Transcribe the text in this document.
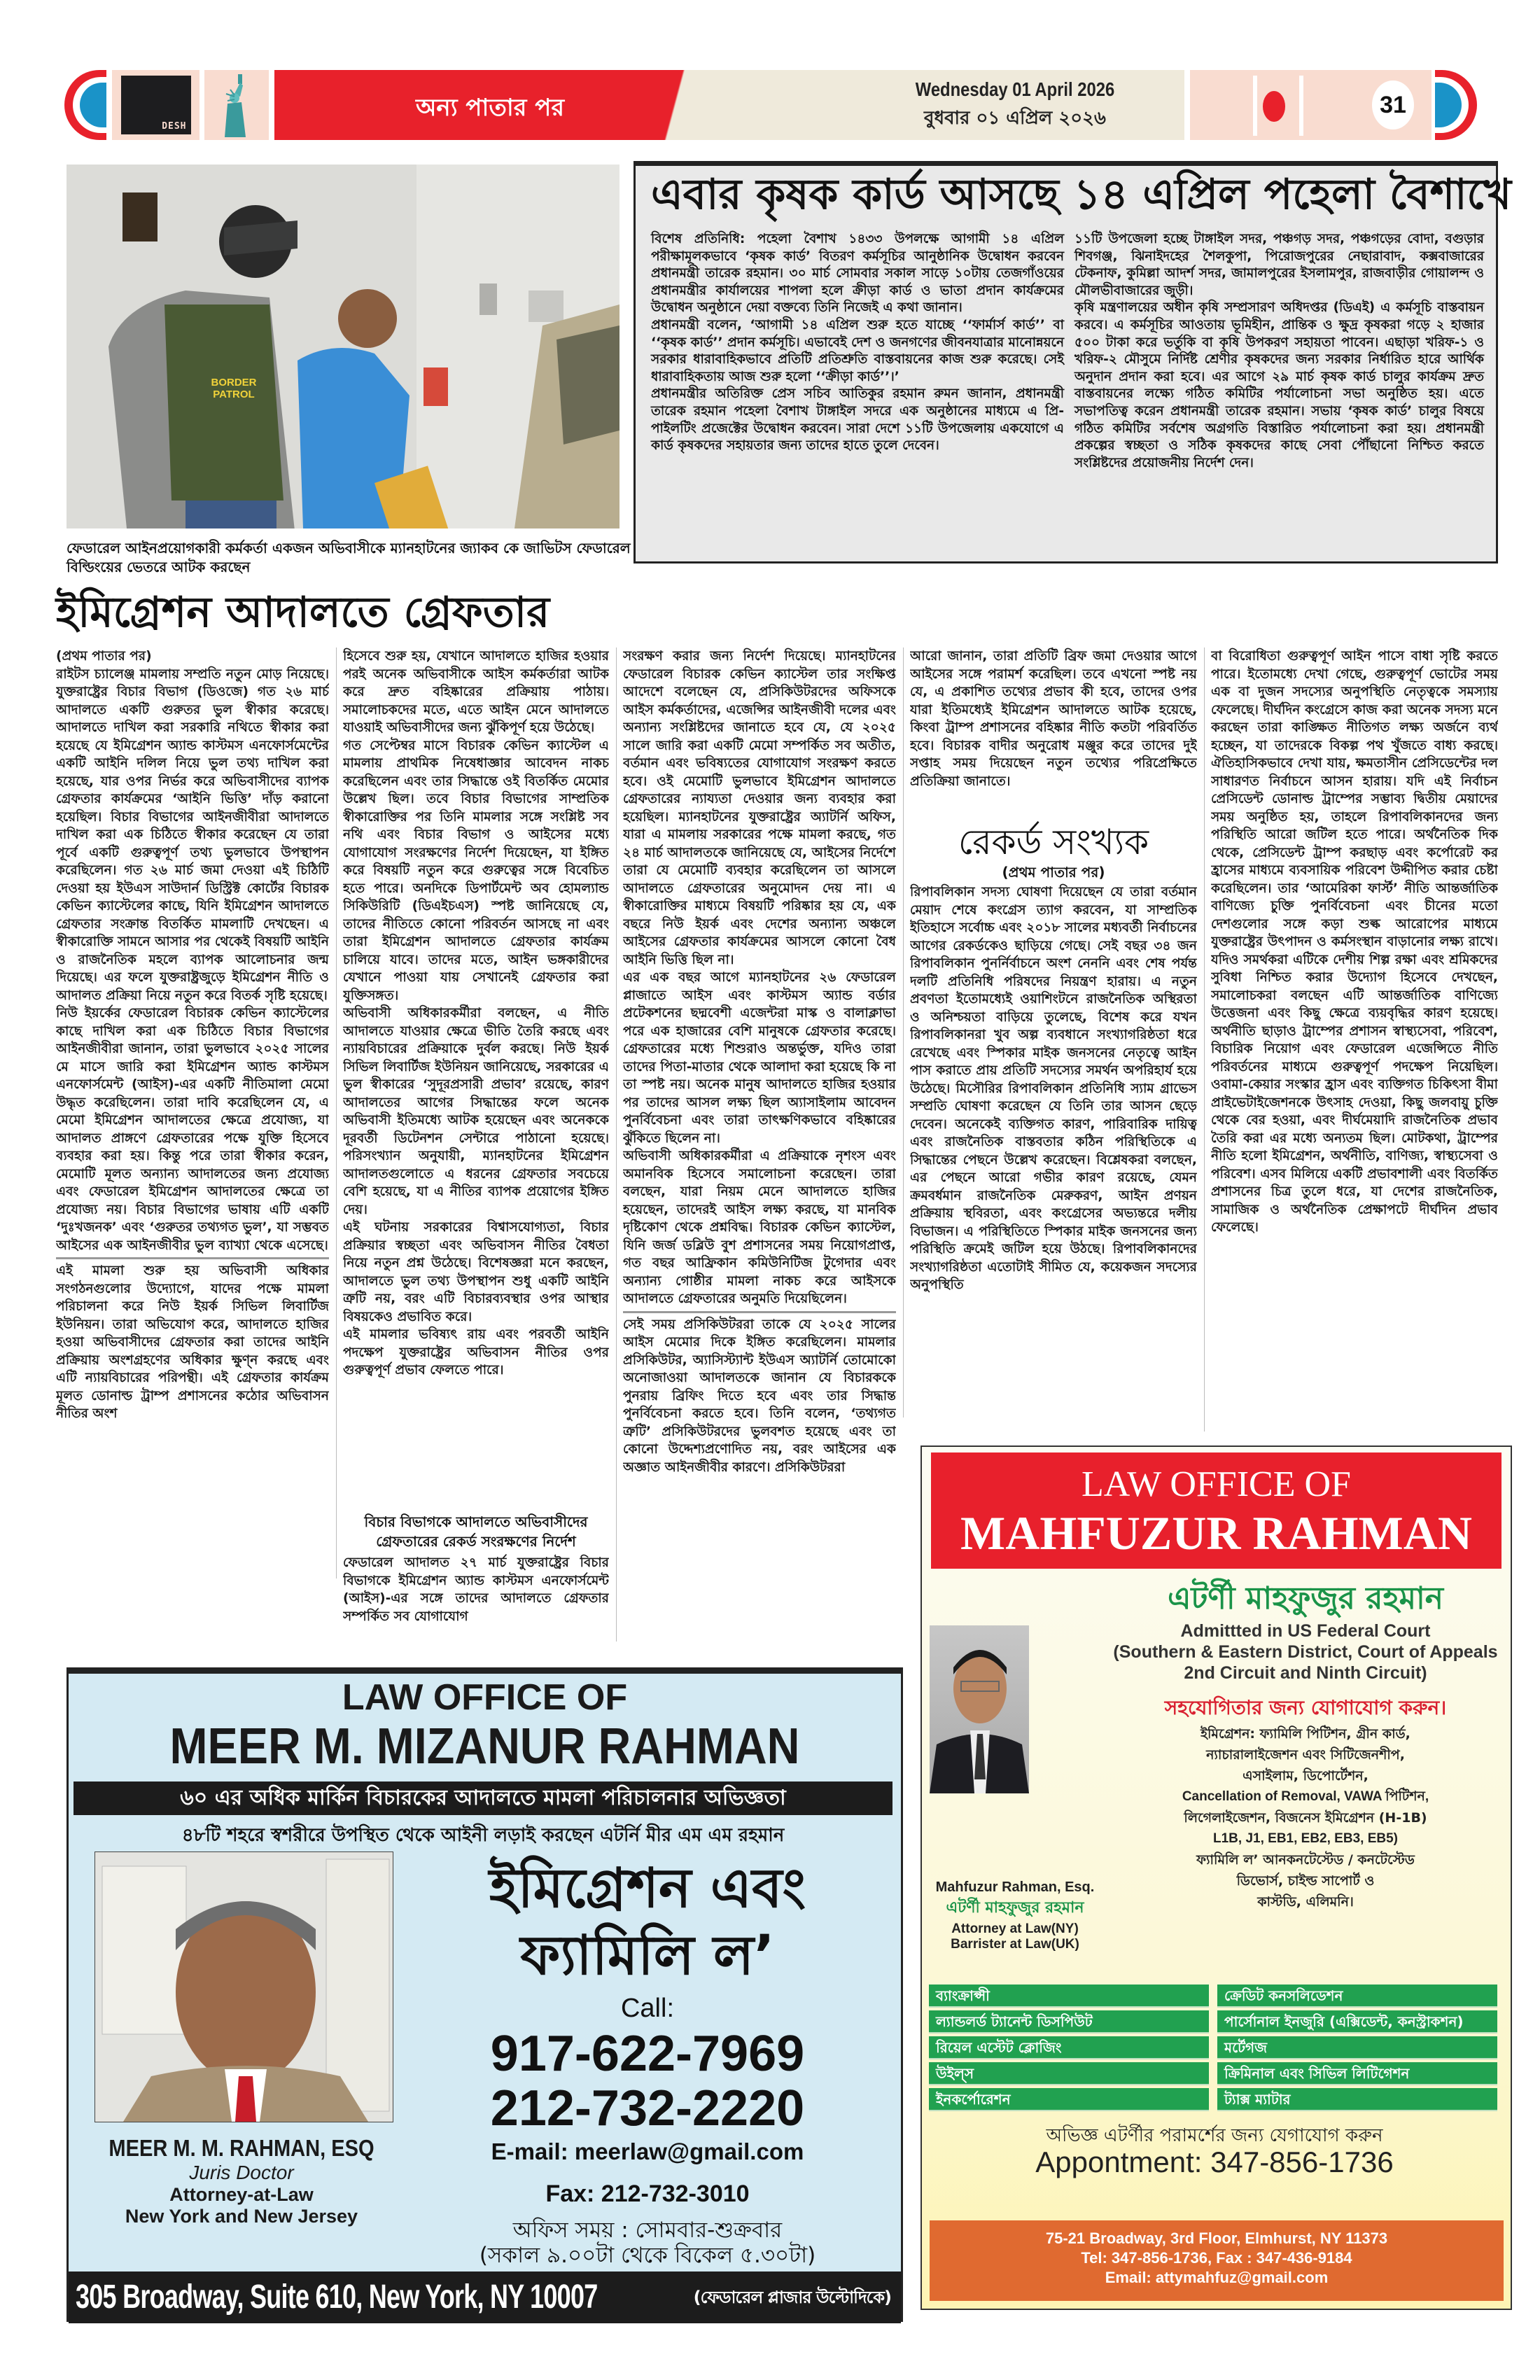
DESH
অন্য পাতার পর
Wednesday 01 April 2026
বুধবার ০১ এপ্রিল ২০২৬
31
BORDER PATROL
ফেডারেল আইনপ্রয়োগকারী কর্মকর্তা একজন অভিবাসীকে ম্যানহাটনের জ্যাকব কে জাভিটস ফেডারেল বিল্ডিংয়ের ভেতরে আটক করছেন
এবার কৃষক কার্ড আসছে ১৪ এপ্রিল পহেলা বৈশাখে

বিশেষ প্রতিনিধি: পহেলা বৈশাখ ১৪৩৩ উপলক্ষে আগামী ১৪ এপ্রিল পরীক্ষামূলকভাবে ‘কৃষক কার্ড’ বিতরণ কর্মসূচির আনুষ্ঠানিক উদ্বোধন করবেন প্রধানমন্ত্রী তারেক রহমান। ৩০ মার্চ সোমবার সকাল সাড়ে ১০টায় তেজগাঁওয়ের প্রধানমন্ত্রীর কার্যালয়ের শাপলা হলে ক্রীড়া কার্ড ও ভাতা প্রদান কার্যক্রমের উদ্বোধন অনুষ্ঠানে দেয়া বক্তব্যে তিনি নিজেই এ কথা জানান।

প্রধানমন্ত্রী বলেন, ‘আগামী ১৪ এপ্রিল শুরু হতে যাচ্ছে ‘‘ফার্মার্স কার্ড’’ বা ‘‘কৃষক কার্ড’’ প্রদান কর্মসূচি। এভাবেই দেশ ও জনগণের জীবনযাত্রার মানোন্নয়নে সরকার ধারাবাহিকভাবে প্রতিটি প্রতিশ্রুতি বাস্তবায়নের কাজ শুরু করেছে। সেই ধারাবাহিকতায় আজ শুরু হলো ‘‘ক্রীড়া কার্ড’’।’

প্রধানমন্ত্রীর অতিরিক্ত প্রেস সচিব আতিকুর রহমান রুমন জানান, প্রধানমন্ত্রী তারেক রহমান পহেলা বৈশাখ টাঙ্গাইল সদরে এক অনুষ্ঠানের মাধ্যমে এ প্রি-পাইলটিং প্রজেক্টের উদ্বোধন করবেন। সারা দেশে ১১টি উপজেলায় একযোগে এ কার্ড কৃষকদের সহায়তার জন্য তাদের হাতে তুলে দেবেন।

১১টি উপজেলা হচ্ছে টাঙ্গাইল সদর, পঞ্চগড় সদর, পঞ্চগড়ের বোদা, বগুড়ার শিবগঞ্জ, ঝিনাইদহের শৈলকুপা, পিরোজপুরের নেছারাবাদ, কক্সবাজারের টেকনাফ, কুমিল্লা আদর্শ সদর, জামালপুরের ইসলামপুর, রাজবাড়ীর গোয়ালন্দ ও মৌলভীবাজারের জুড়ী।

কৃষি মন্ত্রণালয়ের অধীন কৃষি সম্প্রসারণ অধিদপ্তর (ডিএই) এ কর্মসূচি বাস্তবায়ন করবে। এ কর্মসূচির আওতায় ভূমিহীন, প্রান্তিক ও ক্ষুদ্র কৃষকরা গড়ে ২ হাজার ৫০০ টাকা করে ভর্তুকি বা কৃষি উপকরণ সহায়তা পাবেন। এছাড়া খরিফ-১ ও খরিফ-২ মৌসুমে নির্দিষ্ট শ্রেণীর কৃষকদের জন্য সরকার নির্ধারিত হারে আর্থিক অনুদান প্রদান করা হবে। এর আগে ২৯ মার্চ কৃষক কার্ড চালুর কার্যক্রম দ্রুত বাস্তবায়নের লক্ষ্যে গঠিত কমিটির পর্যালোচনা সভা অনুষ্ঠিত হয়। এতে সভাপতিত্ব করেন প্রধানমন্ত্রী তারেক রহমান। সভায় ‘কৃষক কার্ড’ চালুর বিষয়ে গঠিত কমিটির সর্বশেষ অগ্রগতি বিস্তারিত পর্যালোচনা করা হয়। প্রধানমন্ত্রী প্রকল্পের স্বচ্ছতা ও সঠিক কৃষকদের কাছে সেবা পৌঁছানো নিশ্চিত করতে সংশ্লিষ্টদের প্রয়োজনীয় নির্দেশ দেন।

ইমিগ্রেশন আদালতে গ্রেফতার

(প্রথম পাতার পর)

রাইটস চ্যালেঞ্জ মামলায় সম্প্রতি নতুন মোড় নিয়েছে। যুক্তরাষ্ট্রের বিচার বিভাগ (ডিওজে) গত ২৬ মার্চ আদালতে একটি গুরুতর ভুল স্বীকার করেছে। আদালতে দাখিল করা সরকারি নথিতে স্বীকার করা হয়েছে যে ইমিগ্রেশন অ্যান্ড কাস্টমস এনফোর্সমেন্টের একটি আইনি দলিল নিয়ে ভুল তথ্য দাখিল করা হয়েছে, যার ওপর নির্ভর করে অভিবাসীদের ব্যাপক গ্রেফতার কার্যক্রমের ‘আইনি ভিত্তি’ দাঁড় করানো হয়েছিল। বিচার বিভাগের আইনজীবীরা আদালতে দাখিল করা এক চিঠিতে স্বীকার করেছেন যে তারা পূর্বে একটি গুরুত্বপূর্ণ তথ্য ভুলভাবে উপস্থাপন করেছিলেন। গত ২৬ মার্চ জমা দেওয়া এই চিঠিটি দেওয়া হয় ইউএস সাউদার্ন ডিস্ট্রিক্ট কোর্টের বিচারক কেভিন ক্যাস্টেলের কাছে, যিনি ইমিগ্রেশন আদালতে গ্রেফতার সংক্রান্ত বিতর্কিত মামলাটি দেখছেন। এ স্বীকারোক্তি সামনে আসার পর থেকেই বিষয়টি আইনি ও রাজনৈতিক মহলে ব্যাপক আলোচনার জন্ম দিয়েছে। এর ফলে যুক্তরাষ্ট্রজুড়ে ইমিগ্রেশন নীতি ও আদালত প্রক্রিয়া নিয়ে নতুন করে বিতর্ক সৃষ্টি হয়েছে।

নিউ ইয়র্কের ফেডারেল বিচারক কেভিন ক্যাস্টেলের কাছে দাখিল করা এক চিঠিতে বিচার বিভাগের আইনজীবীরা জানান, তারা ভুলভাবে ২০২৫ সালের মে মাসে জারি করা ইমিগ্রেশন অ্যান্ড কাস্টমস এনফোর্সমেন্ট (আইস)-এর একটি নীতিমালা মেমো উদ্ধৃত করেছিলেন। তারা দাবি করেছিলেন যে, এ মেমো ইমিগ্রেশন আদালতের ক্ষেত্রে প্রযোজ্য, যা আদালত প্রাঙ্গণে গ্রেফতারের পক্ষে যুক্তি হিসেবে ব্যবহার করা হয়। কিন্তু পরে তারা স্বীকার করেন, মেমোটি মূলত অন্যান্য আদালতের জন্য প্রযোজ্য এবং ফেডারেল ইমিগ্রেশন আদালতের ক্ষেত্রে তা প্রযোজ্য নয়। বিচার বিভাগের ভাষায় এটি একটি ‘দুঃখজনক’ এবং ‘গুরুতর তথ্যগত ভুল’, যা সম্ভবত আইসের এক আইনজীবীর ভুল ব্যাখ্যা থেকে এসেছে।

এই মামলা শুরু হয় অভিবাসী অধিকার সংগঠনগুলোর উদ্যোগে, যাদের পক্ষে মামলা পরিচালনা করে নিউ ইয়র্ক সিভিল লিবার্টিজ ইউনিয়ন। তারা অভিযোগ করে, আদালতে হাজির হওয়া অভিবাসীদের গ্রেফতার করা তাদের আইনি প্রক্রিয়ায় অংশগ্রহণের অধিকার ক্ষুণ্ন করছে এবং এটি ন্যায়বিচারের পরিপন্থী। এই গ্রেফতার কার্যক্রম মূলত ডোনাল্ড ট্রাম্প প্রশাসনের কঠোর অভিবাসন নীতির অংশ

হিসেবে শুরু হয়, যেখানে আদালতে হাজির হওয়ার পরই অনেক অভিবাসীকে আইস কর্মকর্তারা আটক করে দ্রুত বহিষ্কারের প্রক্রিয়ায় পাঠায়। সমালোচকদের মতে, এতে আইন মেনে আদালতে যাওয়াই অভিবাসীদের জন্য ঝুঁকিপূর্ণ হয়ে উঠেছে।

গত সেপ্টেম্বর মাসে বিচারক কেভিন ক্যাস্টেল এ মামলায় প্রাথমিক নিষেধাজ্ঞার আবেদন নাকচ করেছিলেন এবং তার সিদ্ধান্তে ওই বিতর্কিত মেমোর উল্লেখ ছিল। তবে বিচার বিভাগের সাম্প্রতিক স্বীকারোক্তির পর তিনি মামলার সঙ্গে সংশ্লিষ্ট সব নথি এবং বিচার বিভাগ ও আইসের মধ্যে যোগাযোগ সংরক্ষণের নির্দেশ দিয়েছেন, যা ইঙ্গিত করে বিষয়টি নতুন করে গুরুত্বের সঙ্গে বিবেচিত হতে পারে। অনদিকে ডিপার্টমেন্ট অব হোমল্যান্ড সিকিউরিটি (ডিএইচএস) স্পষ্ট জানিয়েছে যে, তাদের নীতিতে কোনো পরিবর্তন আসছে না এবং তারা ইমিগ্রেশন আদালতে গ্রেফতার কার্যক্রম চালিয়ে যাবে। তাদের মতে, আইন ভঙ্গকারীদের যেখানে পাওয়া যায় সেখানেই গ্রেফতার করা যুক্তিসঙ্গত।

অভিবাসী অধিকারকর্মীরা বলছেন, এ নীতি আদালতে যাওয়ার ক্ষেত্রে ভীতি তৈরি করছে এবং ন্যায়বিচারের প্রক্রিয়াকে দুর্বল করছে। নিউ ইয়র্ক সিভিল লিবার্টিজ ইউনিয়ন জানিয়েছে, সরকারের এ ভুল স্বীকারের ‘সুদূরপ্রসারী প্রভাব’ রয়েছে, কারণ আদালতের আগের সিদ্ধান্তের ফলে অনেক অভিবাসী ইতিমধ্যে আটক হয়েছেন এবং অনেককে দূরবর্তী ডিটেনশন সেন্টারে পাঠানো হয়েছে। পরিসংখ্যান অনুযায়ী, ম্যানহাটনের ইমিগ্রেশন আদালতগুলোতে এ ধরনের গ্রেফতার সবচেয়ে বেশি হয়েছে, যা এ নীতির ব্যাপক প্রয়োগের ইঙ্গিত দেয়।

এই ঘটনায় সরকারের বিশ্বাসযোগ্যতা, বিচার প্রক্রিয়ার স্বচ্ছতা এবং অভিবাসন নীতির বৈধতা নিয়ে নতুন প্রশ্ন উঠেছে। বিশেষজ্ঞরা মনে করছেন, আদালতে ভুল তথ্য উপস্থাপন শুধু একটি আইনি ত্রুটি নয়, বরং এটি বিচারব্যবস্থার ওপর আস্থার বিষয়কেও প্রভাবিত করে।

এই মামলার ভবিষ্যৎ রায় এবং পরবর্তী আইনি পদক্ষেপ যুক্তরাষ্ট্রের অভিবাসন নীতির ওপর গুরুত্বপূর্ণ প্রভাব ফেলতে পারে।

বিচার বিভাগকে আদালতে অভিবাসীদের গ্রেফতারের রেকর্ড সংরক্ষণের নির্দেশ
ফেডারেল আদালত ২৭ মার্চ যুক্তরাষ্ট্রের বিচার বিভাগকে ইমিগ্রেশন অ্যান্ড কাস্টমস এনফোর্সমেন্ট (আইস)-এর সঙ্গে তাদের আদালতে গ্রেফতার সম্পর্কিত সব যোগাযোগ

সংরক্ষণ করার জন্য নির্দেশ দিয়েছে। ম্যানহাটনের ফেডারেল বিচারক কেভিন ক্যাস্টেল তার সংক্ষিপ্ত আদেশে বলেছেন যে, প্রসিকিউটরদের অফিসকে আইস কর্মকর্তাদের, এজেন্সির আইনজীবী দলের এবং অন্যান্য সংশ্লিষ্টদের জানাতে হবে যে, যে ২০২৫ সালে জারি করা একটি মেমো সম্পর্কিত সব অতীত, বর্তমান এবং ভবিষ্যতের যোগাযোগ সংরক্ষণ করতে হবে। ওই মেমোটি ভুলভাবে ইমিগ্রেশন আদালতে গ্রেফতারের ন্যায্যতা দেওয়ার জন্য ব্যবহার করা হয়েছিল। ম্যানহাটনের যুক্তরাষ্ট্রের অ্যাটর্নি অফিস, যারা এ মামলায় সরকারের পক্ষে মামলা করছে, গত ২৪ মার্চ আদালতকে জানিয়েছে যে, আইসের নির্দেশে তারা যে মেমোটি ব্যবহার করেছিলেন তা আসলে আদালতে গ্রেফতারের অনুমোদন দেয় না। এ স্বীকারোক্তির মাধ্যমে বিষয়টি পরিষ্কার হয় যে, এক বছরে নিউ ইয়র্ক এবং দেশের অন্যান্য অঞ্চলে আইসের গ্রেফতার কার্যক্রমের আসলে কোনো বৈধ আইনি ভিত্তি ছিল না।

এর এক বছর আগে ম্যানহাটনের ২৬ ফেডারেল প্লাজাতে আইস এবং কাস্টমস অ্যান্ড বর্ডার প্রটেকশনের ছদ্মবেশী এজেন্টরা মাস্ক ও বালাক্লাভা পরে এক হাজারের বেশি মানুষকে গ্রেফতার করেছে। গ্রেফতারের মধ্যে শিশুরাও অন্তর্ভুক্ত, যদিও তারা তাদের পিতা-মাতার থেকে আলাদা করা হয়েছে কি না তা স্পষ্ট নয়। অনেক মানুষ আদালতে হাজির হওয়ার পর তাদের আসল লক্ষ্য ছিল অ্যাসাইলাম আবেদন পুনর্বিবেচনা এবং তারা তাৎক্ষণিকভাবে বহিষ্কারের ঝুঁকিতে ছিলেন না।

অভিবাসী অধিকারকর্মীরা এ প্রক্রিয়াকে নৃশংস এবং অমানবিক হিসেবে সমালোচনা করেছেন। তারা বলছেন, যারা নিয়ম মেনে আদালতে হাজির হয়েছেন, তাদেরই আইস লক্ষ্য করছে, যা মানবিক দৃষ্টিকোণ থেকে প্রশ্নবিদ্ধ। বিচারক কেভিন ক্যাস্টেল, যিনি জর্জ ডব্লিউ বুশ প্রশাসনের সময় নিয়োগপ্রাপ্ত, গত বছর আফ্রিকান কমিউনিটিজ টুগেদার এবং অন্যান্য গোষ্ঠীর মামলা নাকচ করে আইসকে আদালতে গ্রেফতারের অনুমতি দিয়েছিলেন।

সেই সময় প্রসিকিউটররা তাকে যে ২০২৫ সালের আইস মেমোর দিকে ইঙ্গিত করেছিলেন। মামলার প্রসিকিউটর, অ্যাসিস্ট্যান্ট ইউএস অ্যাটর্নি তোমোকো অনোজাওয়া আদালতকে জানান যে বিচারককে পুনরায় ব্রিফিং দিতে হবে এবং তার সিদ্ধান্ত পুনর্বিবেচনা করতে হবে। তিনি বলেন, ‘তথ্যগত ত্রুটি’ প্রসিকিউটরদের ভুলবশত হয়েছে এবং তা কোনো উদ্দেশ্যপ্রণোদিত নয়, বরং আইসের এক অজ্ঞাত আইনজীবীর কারণে। প্রসিকিউটররা

আরো জানান, তারা প্রতিটি ব্রিফ জমা দেওয়ার আগে আইসের সঙ্গে পরামর্শ করেছিল। তবে এখনো স্পষ্ট নয় যে, এ প্রকাশিত তথ্যের প্রভাব কী হবে, তাদের ওপর যারা ইতিমধ্যেই ইমিগ্রেশন আদালতে আটক হয়েছে, কিংবা ট্রাম্প প্রশাসনের বহিষ্কার নীতি কতটা পরিবর্তিত হবে। বিচারক বাদীর অনুরোধ মঞ্জুর করে তাদের দুই সপ্তাহ সময় দিয়েছেন নতুন তথ্যের পরিপ্রেক্ষিতে প্রতিক্রিয়া জানাতে।
রেকর্ড সংখ্যক
(প্রথম পাতার পর)
রিপাবলিকান সদস্য ঘোষণা দিয়েছেন যে তারা বর্তমান মেয়াদ শেষে কংগ্রেস ত্যাগ করবেন, যা সাম্প্রতিক ইতিহাসে সর্বোচ্চ এবং ২০১৮ সালের মধ্যবর্তী নির্বাচনের আগের রেকর্ডকেও ছাড়িয়ে গেছে। সেই বছর ৩৪ জন রিপাবলিকান পুনর্নির্বাচনে অংশ নেননি এবং শেষ পর্যন্ত দলটি প্রতিনিধি পরিষদের নিয়ন্ত্রণ হারায়। এ নতুন প্রবণতা ইতোমধ্যেই ওয়াশিংটনে রাজনৈতিক অস্থিরতা ও অনিশ্চয়তা বাড়িয়ে তুলেছে, বিশেষ করে যখন রিপাবলিকানরা খুব অল্প ব্যবধানে সংখ্যাগরিষ্ঠতা ধরে রেখেছে এবং স্পিকার মাইক জনসনের নেতৃত্বে আইন পাস করাতে প্রায় প্রতিটি সদস্যের সমর্থন অপরিহার্য হয়ে উঠেছে। মিসৌরির রিপাবলিকান প্রতিনিধি স্যাম গ্রাভেস সম্প্রতি ঘোষণা করেছেন যে তিনি তার আসন ছেড়ে দেবেন। অনেকেই ব্যক্তিগত কারণ, পারিবারিক দায়িত্ব এবং রাজনৈতিক বাস্তবতার কঠিন পরিস্থিতিকে এ সিদ্ধান্তের পেছনে উল্লেখ করেছেন। বিশ্লেষকরা বলছেন, এর পেছনে আরো গভীর কারণ রয়েছে, যেমন ক্রমবর্ধমান রাজনৈতিক মেরুকরণ, আইন প্রণয়ন প্রক্রিয়ায় স্থবিরতা, এবং কংগ্রেসের অভ্যন্তরে দলীয় বিভাজন। এ পরিস্থিতিতে স্পিকার মাইক জনসনের জন্য পরিস্থিতি ক্রমেই জটিল হয়ে উঠছে। রিপাবলিকানদের সংখ্যাগরিষ্ঠতা এতোটাই সীমিত যে, কয়েকজন সদস্যের অনুপস্থিতি
বা বিরোধিতা গুরুত্বপূর্ণ আইন পাসে বাধা সৃষ্টি করতে পারে। ইতোমধ্যে দেখা গেছে, গুরুত্বপূর্ণ ভোটের সময় এক বা দুজন সদস্যের অনুপস্থিতি নেতৃত্বকে সমস্যায় ফেলেছে। দীর্ঘদিন কংগ্রেসে কাজ করা অনেক সদস্য মনে করছেন তারা কাঙ্ক্ষিত নীতিগত লক্ষ্য অর্জনে ব্যর্থ হচ্ছেন, যা তাদেরকে বিকল্প পথ খুঁজতে বাধ্য করছে। ঐতিহাসিকভাবে দেখা যায়, ক্ষমতাসীন প্রেসিডেন্টের দল সাধারণত নির্বাচনে আসন হারায়। যদি এই নির্বাচন প্রেসিডেন্ট ডোনাল্ড ট্রাম্পের সম্ভাব্য দ্বিতীয় মেয়াদের সময় অনুষ্ঠিত হয়, তাহলে রিপাবলিকানদের জন্য পরিস্থিতি আরো জটিল হতে পারে। অর্থনৈতিক দিক থেকে, প্রেসিডেন্ট ট্রাম্প করছাড় এবং কর্পোরেট কর হ্রাসের মাধ্যমে ব্যবসায়িক পরিবেশ উদ্দীপিত করার চেষ্টা করেছিলেন। তার ‘আমেরিকা ফার্স্ট’ নীতি আন্তর্জাতিক বাণিজ্যে চুক্তি পুনর্বিবেচনা এবং চীনের মতো দেশগুলোর সঙ্গে কড়া শুল্ক আরোপের মাধ্যমে যুক্তরাষ্ট্রের উৎপাদন ও কর্মসংস্থান বাড়ানোর লক্ষ্য রাখে। যদিও সমর্থকরা এটিকে দেশীয় শিল্প রক্ষা এবং শ্রমিকদের সুবিধা নিশ্চিত করার উদ্যোগ হিসেবে দেখছেন, সমালোচকরা বলছেন এটি আন্তর্জাতিক বাণিজ্যে উত্তেজনা এবং কিছু ক্ষেত্রে ব্যয়বৃদ্ধির কারণ হয়েছে। অর্থনীতি ছাড়াও ট্রাম্পের প্রশাসন স্বাস্থ্যসেবা, পরিবেশ, বিচারিক নিয়োগ এবং ফেডারেল এজেন্সিতে নীতি পরিবর্তনের মাধ্যমে গুরুত্বপূর্ণ পদক্ষেপ নিয়েছিল। ওবামা-কেয়ার সংস্কার হ্রাস এবং ব্যক্তিগত চিকিৎসা বীমা প্রাইভেটাইজেশনকে উৎসাহ দেওয়া, কিছু জলবায়ু চুক্তি থেকে বের হওয়া, এবং দীর্ঘমেয়াদি রাজনৈতিক প্রভাব তৈরি করা এর মধ্যে অন্যতম ছিল। মোটকথা, ট্রাম্পের নীতি হলো ইমিগ্রেশন, অর্থনীতি, বাণিজ্য, স্বাস্থ্যসেবা ও পরিবেশ। এসব মিলিয়ে একটি প্রভাবশালী এবং বিতর্কিত প্রশাসনের চিত্র তুলে ধরে, যা দেশের রাজনৈতিক, সামাজিক ও অর্থনৈতিক প্রেক্ষাপটে দীর্ঘদিন প্রভাব ফেলেছে।
LAW OFFICE OF
MAHFUZUR RAHMAN
এটর্ণী মাহফুজুর রহমান
Admittted in US Federal Court
(Southern & Eastern District, Court of Appeals 2nd Circuit and Ninth Circuit)
সহযোগিতার জন্য যোগাযোগ করুন।
ইমিগ্রেশন: ফ্যামিলি পিটিশন, গ্রীন কার্ড,
ন্যাচারালাইজেশন এবং সিটিজেনশীপ,
এসাইলাম, ডিপোর্টেশন,
Cancellation of Removal, VAWA পিটিশন,
লিগেলাইজেশন, বিজনেস ইমিগ্রেশন (H-1B)
L1B, J1, EB1, EB2, EB3, EB5)
ফ্যামিলি ল’ আনকনটেস্টেড / কনটেস্টেড
ডিভোর্স, চাইল্ড সাপোর্ট ও
কাস্টডি, এলিমনি।
Mahfuzur Rahman, Esq.
এটর্ণী মাহফুজুর রহমান
Attorney at Law(NY)
Barrister at Law(UK)
ব্যাংক্রাপ্সী	ক্রেডিট কনসলিডেশন
ল্যান্ডলর্ড ট্যানেন্ট ডিসপিউট	পার্সোনাল ইনজুরি (এক্সিডেন্ট, কনস্ট্রাকশন)
রিয়েল এস্টেট ক্লোজিং	মর্টেগজ
উইল্‌স	ক্রিমিনাল এবং সিভিল লিটিগেশন
ইনকর্পোরেশন	ট্যাক্স ম্যাটার
অভিজ্ঞ এটর্ণীর পরামর্শের জন্য যেগাযোগ করুন
Appontment: 347-856-1736
75-21 Broadway, 3rd Floor, Elmhurst, NY 11373
Tel: 347-856-1736, Fax : 347-436-9184
Email: attymahfuz@gmail.com
LAW OFFICE OF
MEER M. MIZANUR RAHMAN
৬০ এর অধিক মার্কিন বিচারকের আদালতে মামলা পরিচালনার অভিজ্ঞতা
৪৮টি শহরে স্বশরীরে উপস্থিত থেকে আইনী লড়াই করছেন এটর্নি মীর এম এম রহমান
MEER M. M. RAHMAN, ESQ
Juris Doctor
Attorney-at-Law
New York and New Jersey
ইমিগ্রেশন এবং
ফ্যামিলি ল’
Call:
917-622-7969
212-732-2220
E-mail: meerlaw@gmail.com
Fax: 212-732-3010
অফিস সময় : সোমবার-শুক্রবার
(সকাল ৯.০০টা থেকে বিকেল ৫.৩০টা)
305 Broadway, Suite 610, New York, NY 10007	(ফেডারেল প্লাজার উল্টোদিকে)
